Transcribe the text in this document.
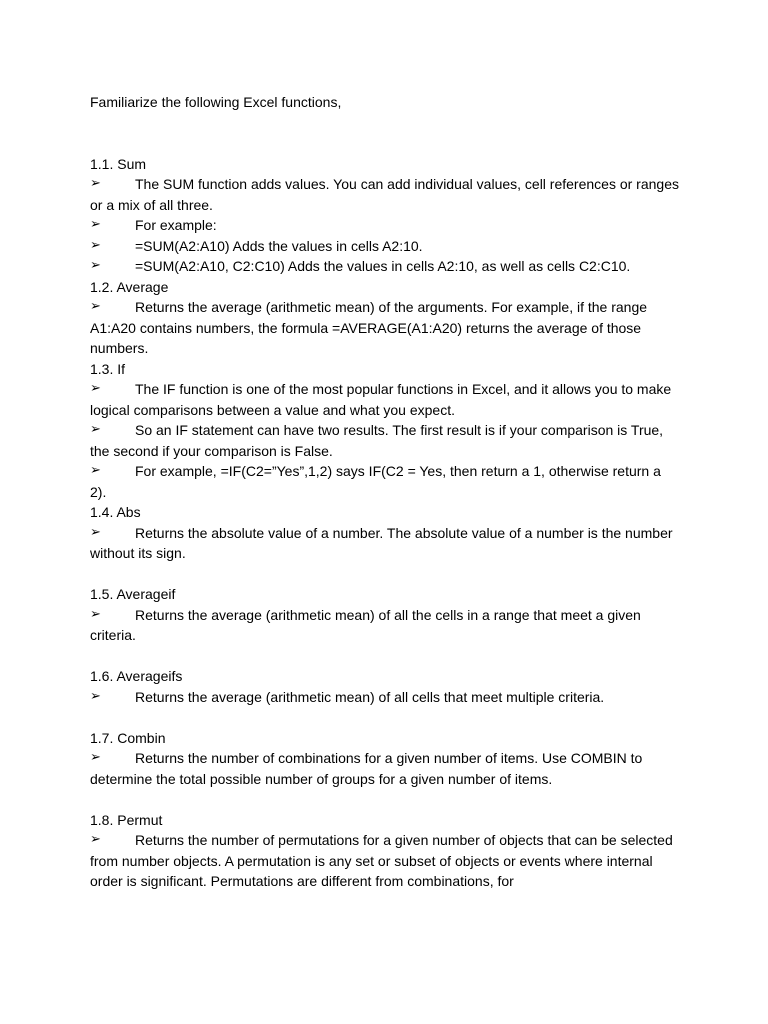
Familiarize the following Excel functions,
1.1. Sum
➢ The SUM function adds values. You can add individual values, cell references or ranges or a mix of all three.
➢ For example:
➢ =SUM(A2:A10) Adds the values in cells A2:10.
➢ =SUM(A2:A10, C2:C10) Adds the values in cells A2:10, as well as cells C2:C10.
1.2. Average
➢ Returns the average (arithmetic mean) of the arguments. For example, if the range A1:A20 contains numbers, the formula =AVERAGE(A1:A20) returns the average of those numbers.
1.3. If
➢ The IF function is one of the most popular functions in Excel, and it allows you to make logical comparisons between a value and what you expect.
➢ So an IF statement can have two results. The first result is if your comparison is True, the second if your comparison is False.
➢ For example, =IF(C2=”Yes”,1,2) says IF(C2 = Yes, then return a 1, otherwise return a 2).
1.4. Abs
➢ Returns the absolute value of a number. The absolute value of a number is the number without its sign.
1.5. Averageif
➢ Returns the average (arithmetic mean) of all the cells in a range that meet a given criteria.
1.6. Averageifs
➢ Returns the average (arithmetic mean) of all cells that meet multiple criteria.
1.7. Combin
➢ Returns the number of combinations for a given number of items. Use COMBIN to determine the total possible number of groups for a given number of items.
1.8. Permut
➢ Returns the number of permutations for a given number of objects that can be selected from number objects. A permutation is any set or subset of objects or events where internal order is significant. Permutations are different from combinations, for
